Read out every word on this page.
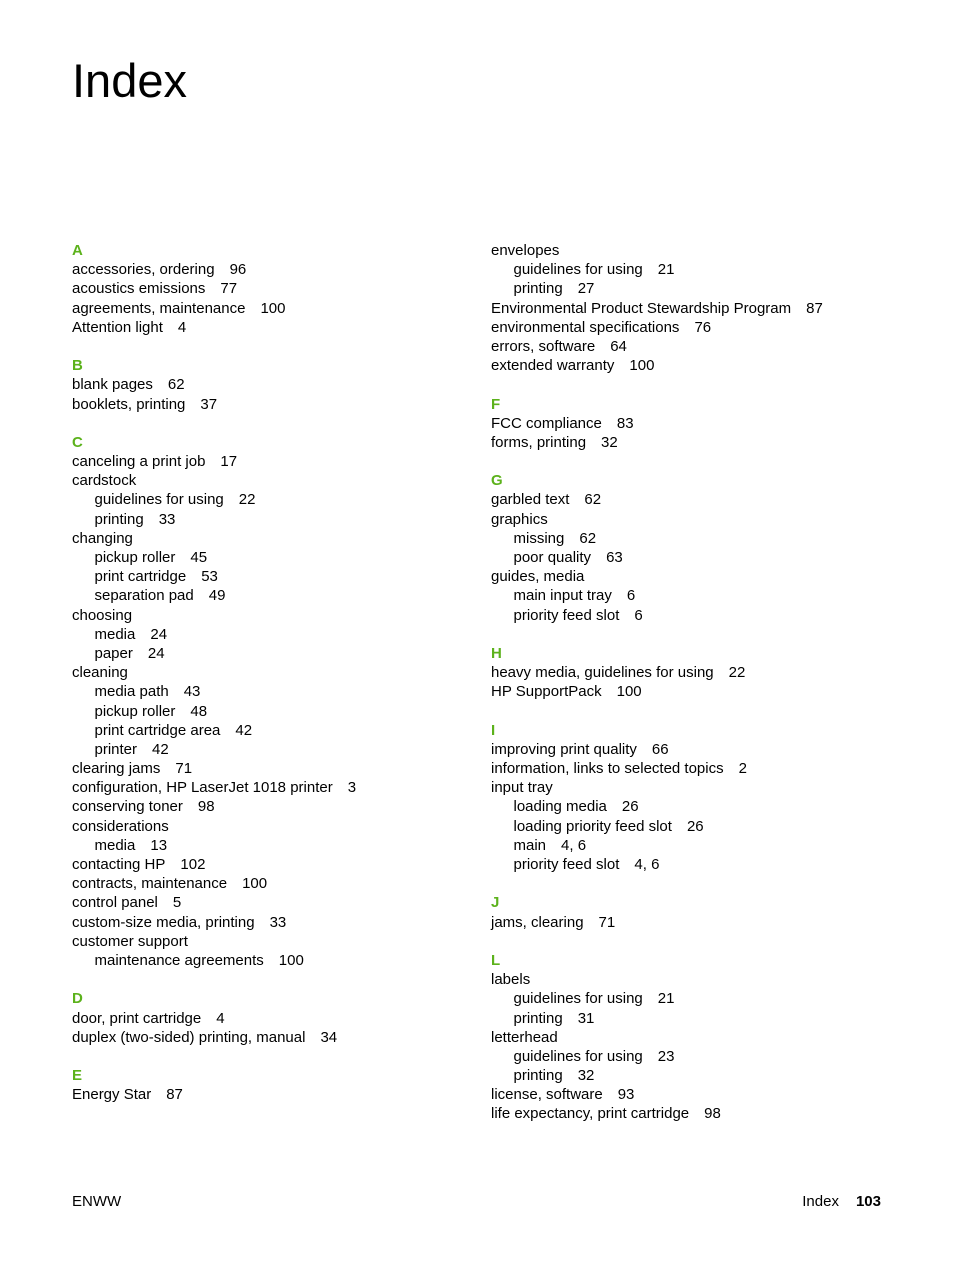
Index
A
accessories, ordering 96
acoustics emissions 77
agreements, maintenance 100
Attention light 4
B
blank pages 62
booklets, printing 37
C
canceling a print job 17
cardstock
guidelines for using 22
printing 33
changing
pickup roller 45
print cartridge 53
separation pad 49
choosing
media 24
paper 24
cleaning
media path 43
pickup roller 48
print cartridge area 42
printer 42
clearing jams 71
configuration, HP LaserJet 1018 printer 3
conserving toner 98
considerations
media 13
contacting HP 102
contracts, maintenance 100
control panel 5
custom-size media, printing 33
customer support
maintenance agreements 100
D
door, print cartridge 4
duplex (two-sided) printing, manual 34
E
Energy Star 87
envelopes
guidelines for using 21
printing 27
Environmental Product Stewardship Program 87
environmental specifications 76
errors, software 64
extended warranty 100
F
FCC compliance 83
forms, printing 32
G
garbled text 62
graphics
missing 62
poor quality 63
guides, media
main input tray 6
priority feed slot 6
H
heavy media, guidelines for using 22
HP SupportPack 100
I
improving print quality 66
information, links to selected topics 2
input tray
loading media 26
loading priority feed slot 26
main 4, 6
priority feed slot 4, 6
J
jams, clearing 71
L
labels
guidelines for using 21
printing 31
letterhead
guidelines for using 23
printing 32
license, software 93
life expectancy, print cartridge 98
ENWW	Index 103
